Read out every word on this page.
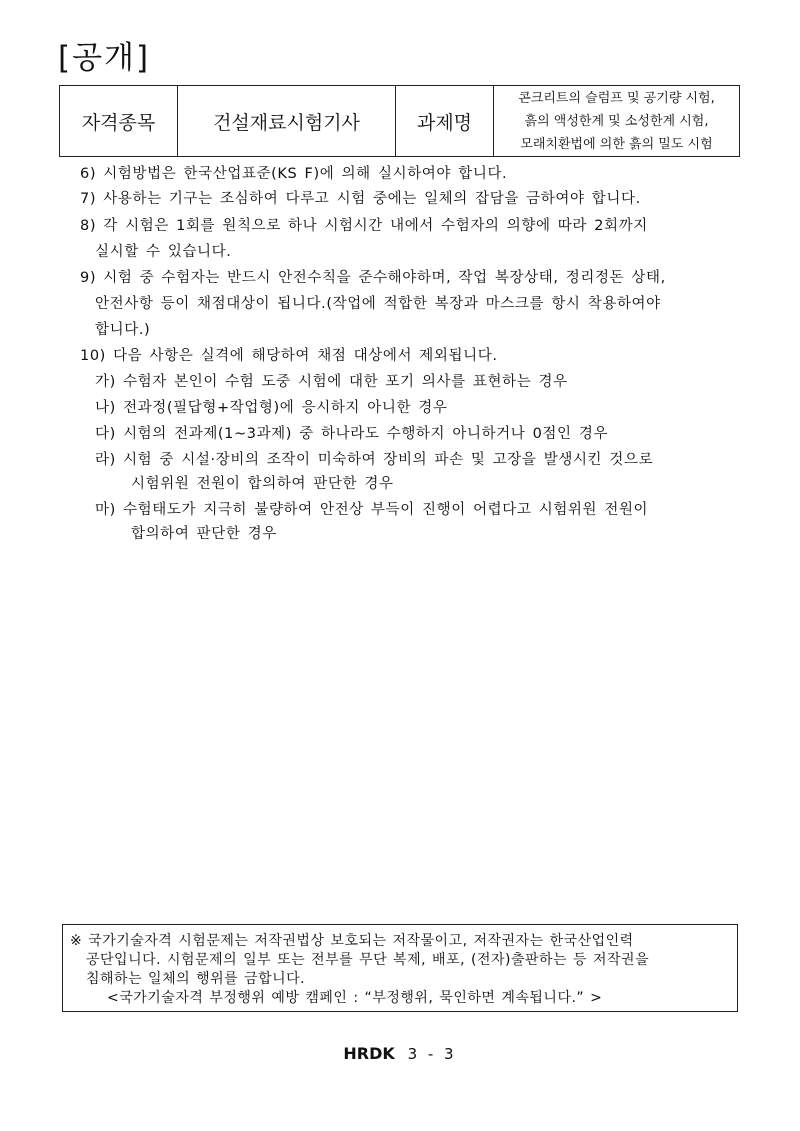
[공개]
자격종목	건설재료시험기사	과제명	
콘크리트의 슬럼프 및 공기량 시험,
흙의 액성한계 및 소성한계 시험,
모래치환법에 의한 흙의 밀도 시험
6) 시험방법은 한국산업표준(KS F)에 의해 실시하여야 합니다.
7) 사용하는 기구는 조심하여 다루고 시험 중에는 일체의 잡담을 금하여야 합니다.
8) 각 시험은 1회를 원칙으로 하나 시험시간 내에서 수험자의 의향에 따라 2회까지
실시할 수 있습니다.
9) 시험 중 수험자는 반드시 안전수칙을 준수해야하며, 작업 복장상태, 정리정돈 상태,
안전사항 등이 채점대상이 됩니다.(작업에 적합한 복장과 마스크를 항시 착용하여야
합니다.)
10) 다음 사항은 실격에 해당하여 채점 대상에서 제외됩니다.
가) 수험자 본인이 수험 도중 시험에 대한 포기 의사를 표현하는 경우
나) 전과정(필답형+작업형)에 응시하지 아니한 경우
다) 시험의 전과제(1~3과제) 중 하나라도 수행하지 아니하거나 0점인 경우
라) 시험 중 시설·장비의 조작이 미숙하여 장비의 파손 및 고장을 발생시킨 것으로
시험위원 전원이 합의하여 판단한 경우
마) 수험태도가 지극히 불량하여 안전상 부득이 진행이 어렵다고 시험위원 전원이
합의하여 판단한 경우
※ 국가기술자격 시험문제는 저작권법상 보호되는 저작물이고, 저작권자는 한국산업인력
공단입니다. 시험문제의 일부 또는 전부를 무단 복제, 배포, (전자)출판하는 등 저작권을
침해하는 일체의 행위를 금합니다.
<국가기술자격 부정행위 예방 캠페인 : “부정행위, 묵인하면 계속됩니다.” >
HRDK 3 - 3
